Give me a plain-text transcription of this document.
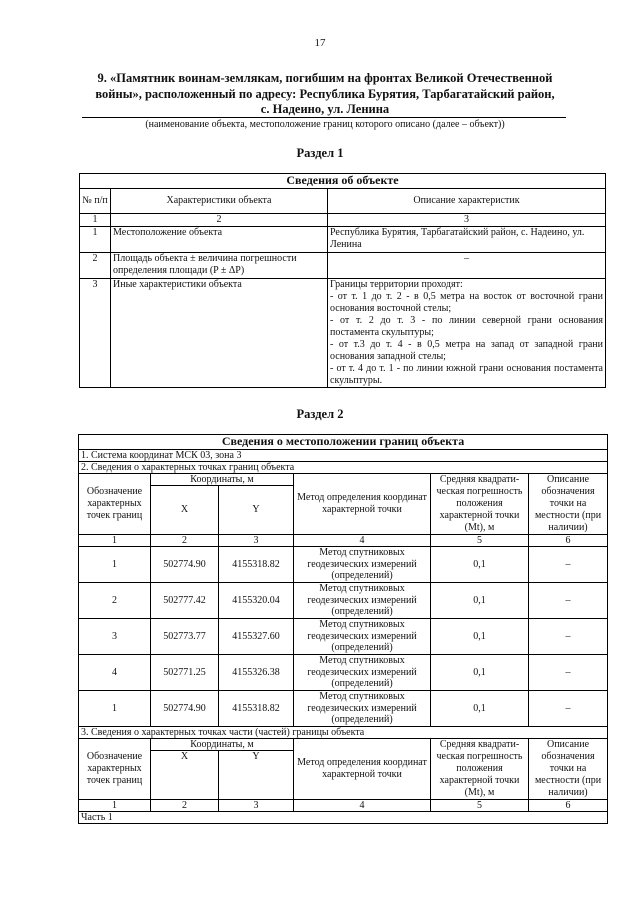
17
9. «Памятник воинам-землякам, погибшим на фронтах Великой Отечественной
войны», расположенный по адресу: Республика Бурятия, Тарбагатайский район,

с. Надеино, ул. Ленина
(наименование объекта, местоположение границ которого описано (далее – объект))
Раздел 1
Сведения об объекте		
№ п/п	Характеристики объекта	Описание характеристик
1	2	3
1	Местоположение объекта	Республика Бурятия, Тарбагатайский район, с. Надеино, ул. Ленина
2	Площадь объекта ± величина погрешности определения площади (P ± ΔP)	–
3	Иные характеристики объекта	Границы территории проходят:
- от т. 1 до т. 2 - в 0,5 метра на восток от восточной грани основания восточной стелы;
- от т. 2 до т. 3 - по линии северной грани основания постамента скульптуры;
- от т.3 до т. 4 - в 0,5 метра на запад от западной грани основания западной стелы;
- от т. 4 до т. 1 - по линии южной грани основания постамента скульптуры.
Раздел 2
Сведения о местоположении границ объекта					
1. Система координат МСК 03, зона 3					
2. Сведения о характерных точках границ объекта					
Обозначение характерных точек границ	Координаты, м		Метод определения координат характерной точки	Средняя квадрати-ческая погрешность положения характерной точки (Mt), м	Описание обозначения точки на местности (при наличии)
	X	Y			
1	2	3	4	5	6
1	502774.90	4155318.82	Метод спутниковых геодезических измерений (определений)	0,1	–
2	502777.42	4155320.04	Метод спутниковых геодезических измерений (определений)	0,1	–
3	502773.77	4155327.60	Метод спутниковых геодезических измерений (определений)	0,1	–
4	502771.25	4155326.38	Метод спутниковых геодезических измерений (определений)	0,1	–
1	502774.90	4155318.82	Метод спутниковых геодезических измерений (определений)	0,1	–
3. Сведения о характерных точках части (частей) границы объекта					
Обозначение характерных точек границ	Координаты, м		Метод определения координат характерной точки	Средняя квадрати-ческая погрешность положения характерной точки (Mt), м	Описание обозначения точки на местности (при наличии)
	X	Y			
1	2	3	4	5	6
Часть 1					
